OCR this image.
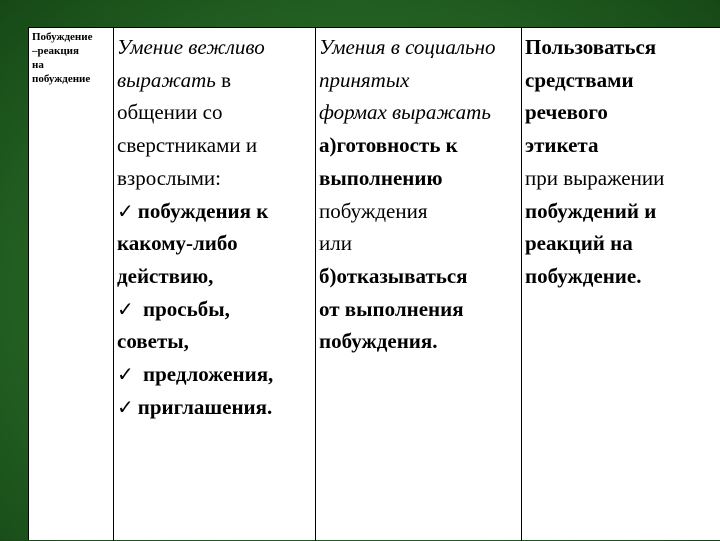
Побуждение
–реакция
на
побуждение
Умение вежливо
выражать в
общении со
сверстниками и
взрослыми:
✓ побуждения к
какому-либо
действию,
✓ просьбы,
советы,
✓ предложения,
✓ приглашения.
Умения в социально
принятых
формах выражать
а)готовность к
выполнению
побуждения
или
б)отказываться
от выполнения
побуждения.
Пользоваться
средствами
речевого
этикета
при выражении
побуждений и
реакций на
побуждение.
